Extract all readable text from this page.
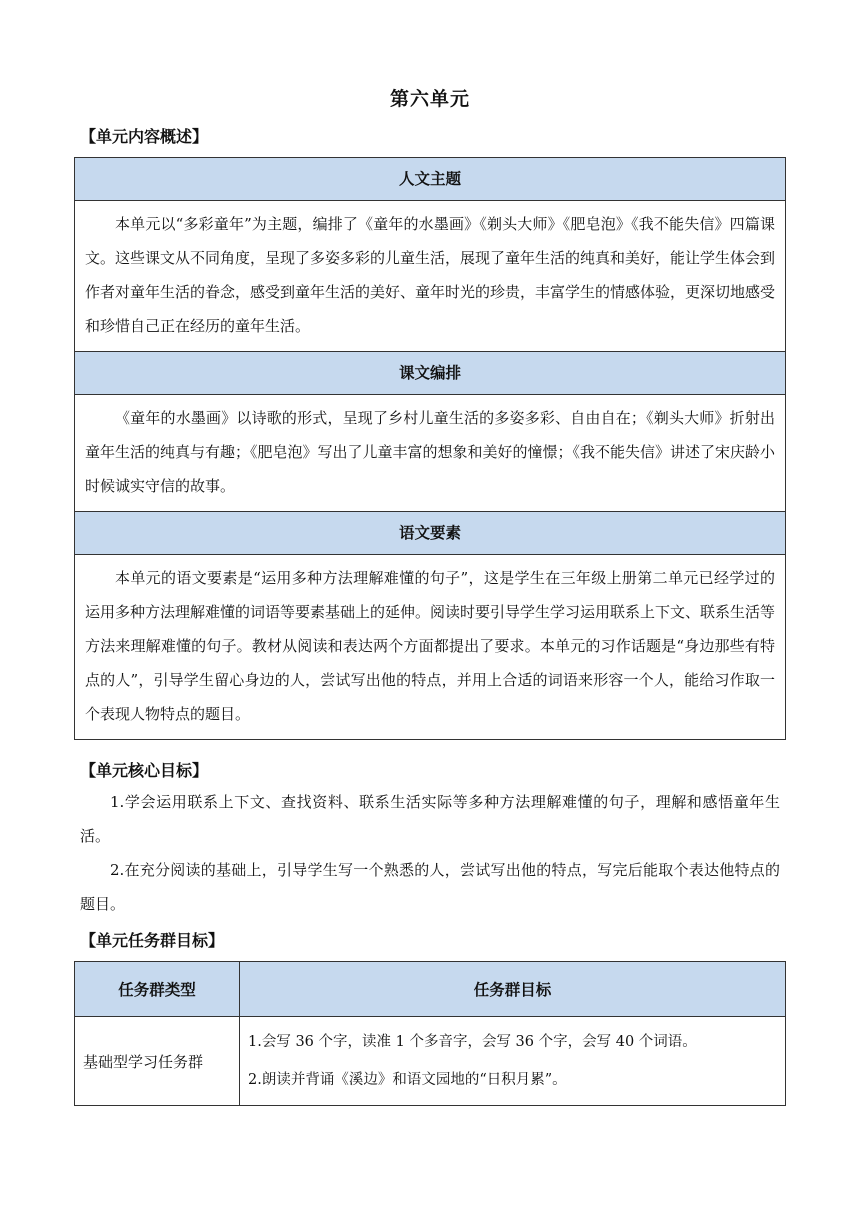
第六单元
【单元内容概述】
人文主题
本单元以“多彩童年”为主题，编排了《童年的水墨画》《剃头大师》《肥皂泡》《我不能失信》四篇课文。这些课文从不同角度，呈现了多姿多彩的儿童生活，展现了童年生活的纯真和美好，能让学生体会到作者对童年生活的眷念，感受到童年生活的美好、童年时光的珍贵，丰富学生的情感体验，更深切地感受和珍惜自己正在经历的童年生活。
课文编排
《童年的水墨画》以诗歌的形式，呈现了乡村儿童生活的多姿多彩、自由自在；《剃头大师》折射出童年生活的纯真与有趣；《肥皂泡》写出了儿童丰富的想象和美好的憧憬；《我不能失信》讲述了宋庆龄小时候诚实守信的故事。
语文要素
本单元的语文要素是“运用多种方法理解难懂的句子”，这是学生在三年级上册第二单元已经学过的运用多种方法理解难懂的词语等要素基础上的延伸。阅读时要引导学生学习运用联系上下文、联系生活等方法来理解难懂的句子。教材从阅读和表达两个方面都提出了要求。本单元的习作话题是“身边那些有特点的人”，引导学生留心身边的人，尝试写出他的特点，并用上合适的词语来形容一个人，能给习作取一个表现人物特点的题目。
【单元核心目标】
1.学会运用联系上下文、查找资料、联系生活实际等多种方法理解难懂的句子，理解和感悟童年生活。
2.在充分阅读的基础上，引导学生写一个熟悉的人，尝试写出他的特点，写完后能取个表达他特点的题目。
【单元任务群目标】
任务群类型	任务群目标
基础型学习任务群	1.会写 36 个字，读准 1 个多音字，会写 36 个字，会写 40 个词语。
2.朗读并背诵《溪边》和语文园地的“日积月累”。
